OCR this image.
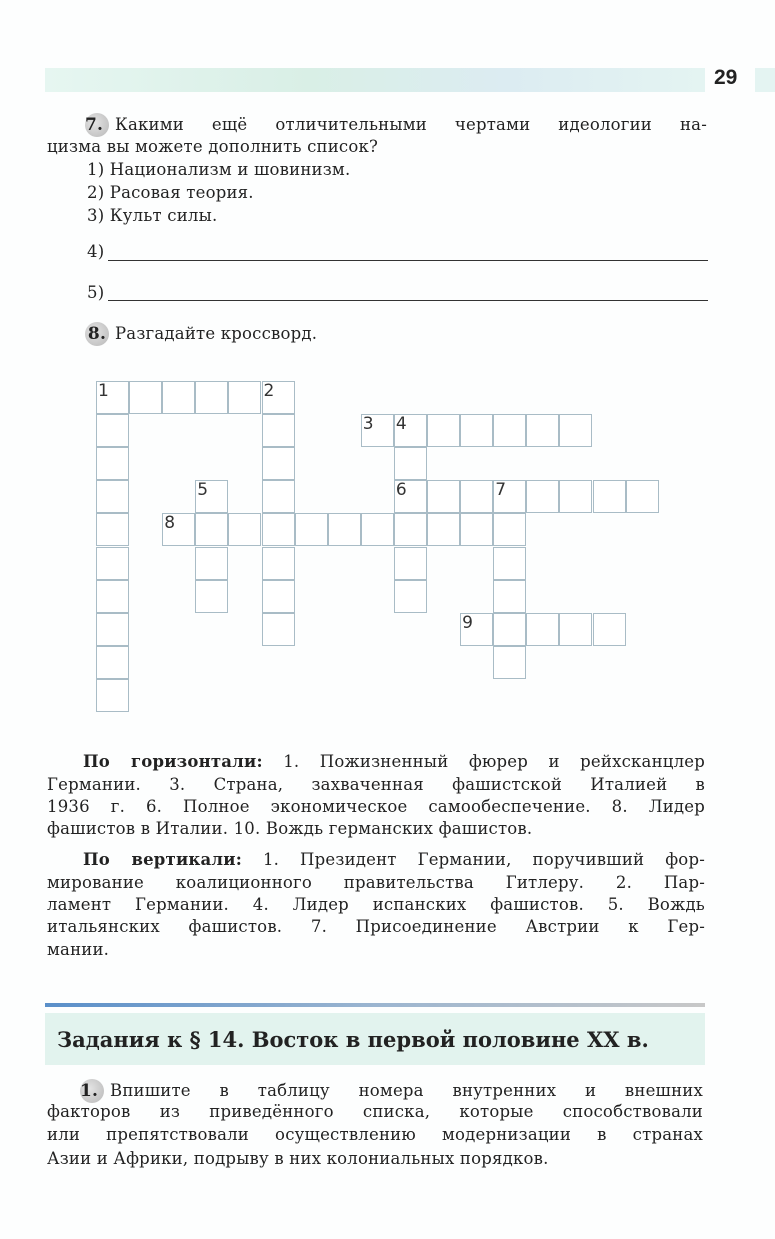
29
7. Какими ещё отличительными чертами идеологии на-
цизма вы можете дополнить список?
1) Национализм и шовинизм.
2) Расовая теория.
3) Культ силы.
4)
5)
8. Разгадайте кроссворд.
1	2
3 4
6
5	7
8
9
По горизонтали: 1. Пожизненный фюрер и рейхсканцлер
Германии. 3. Страна, захваченная фашистской Италией в
1936 г. 6. Полное экономическое самообеспечение. 8. Лидер
фашистов в Италии. 10. Вождь германских фашистов.
По вертикали: 1. Президент Германии, поручивший фор-
мирование коалиционного правительства Гитлеру. 2. Пар-
ламент Германии. 4. Лидер испанских фашистов. 5. Вождь
итальянских фашистов. 7. Присоединение Австрии к Гер-
мании.
Задания к § 14. Восток в первой половине XX в.
1. Впишите в таблицу номера внутренних и внешних
факторов из приведённого списка, которые способствовали
или препятствовали осуществлению модернизации в странах
Азии и Африки, подрыву в них колониальных порядков.
